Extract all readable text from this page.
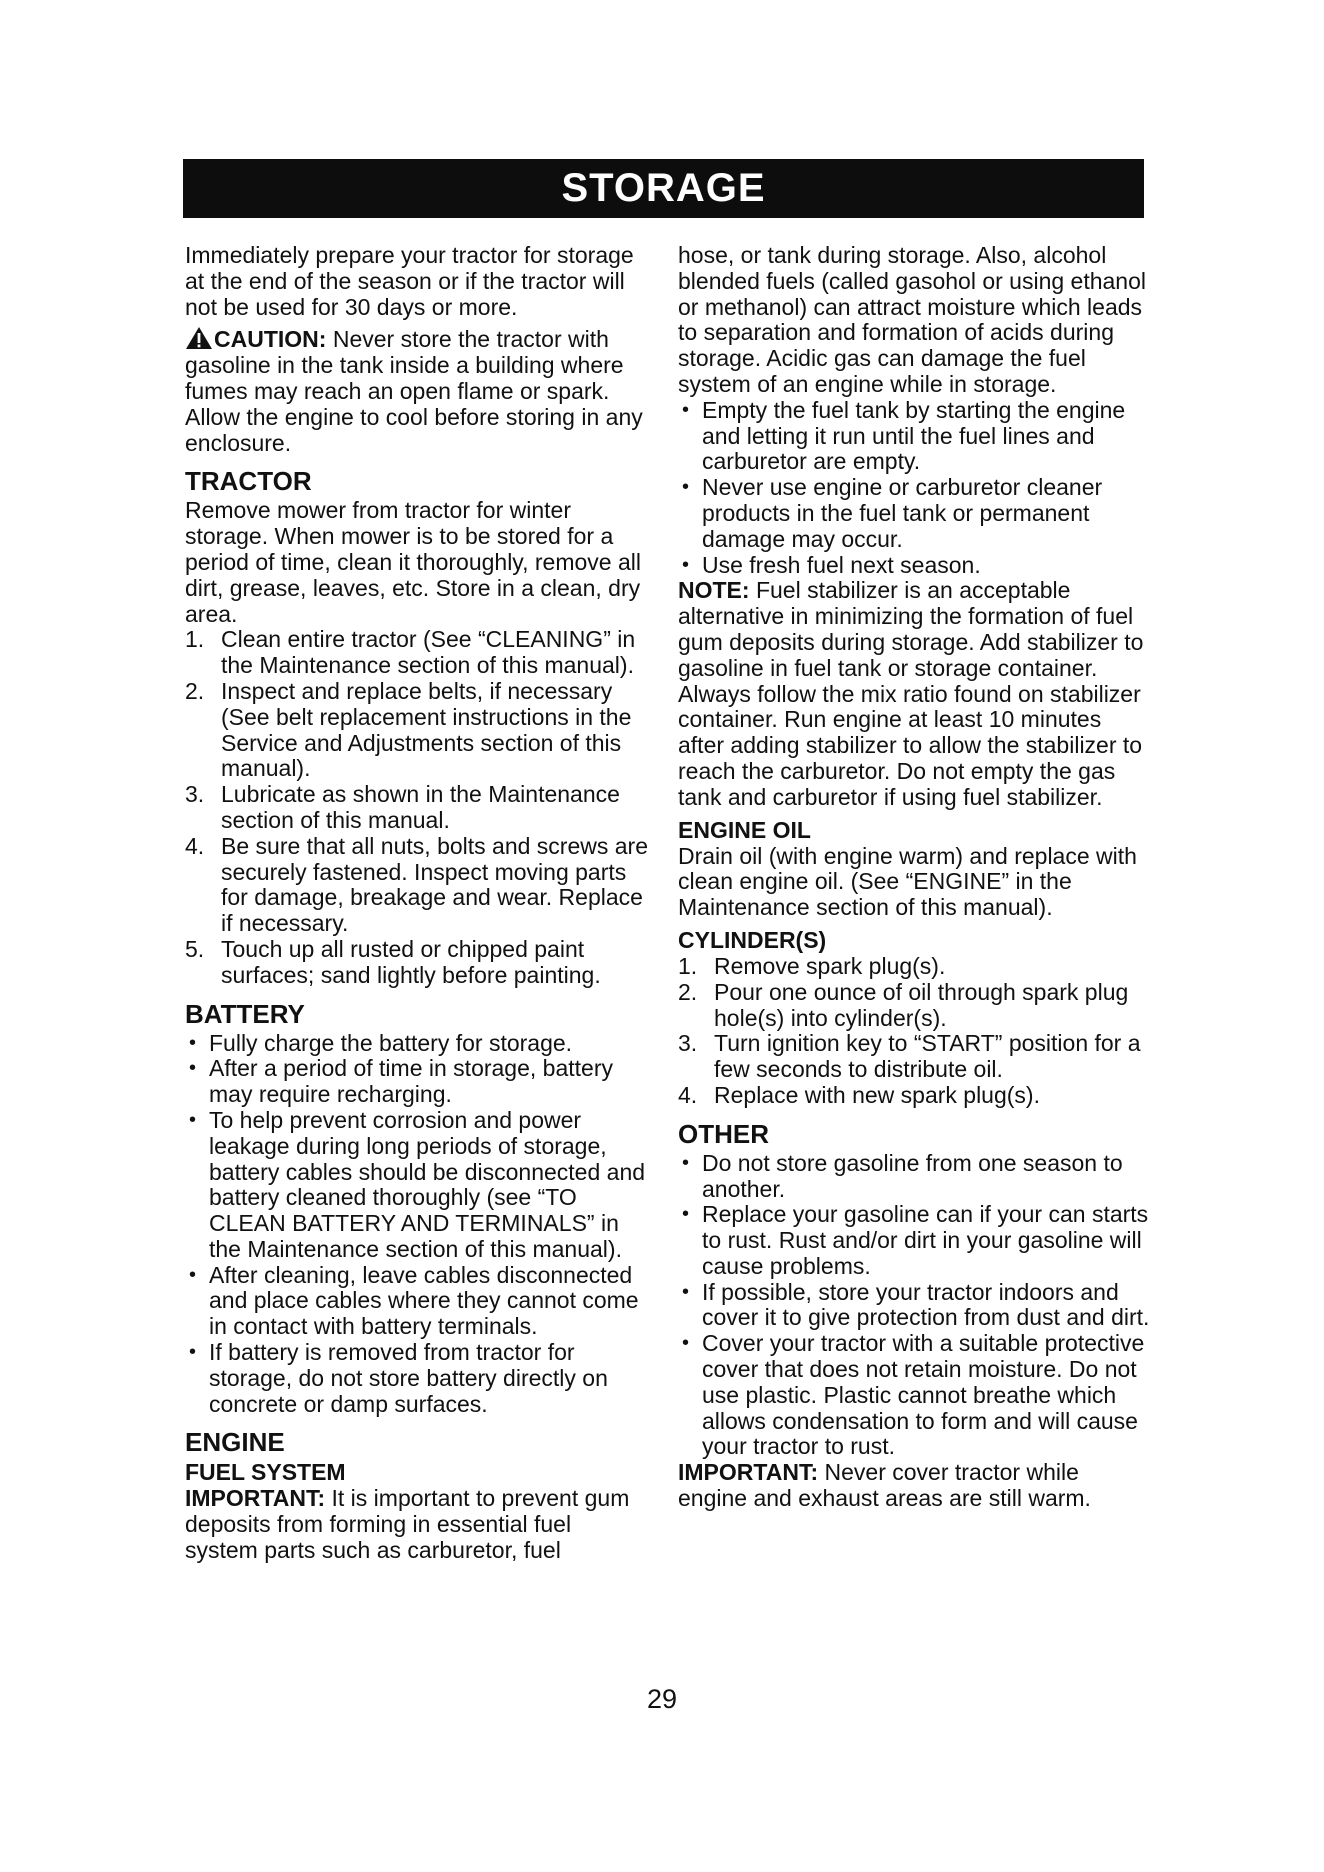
STORAGE

Immediately prepare your tractor for storage at the end of the season or if the tractor will not be used for 30 days or more.

CAUTION: Never store the tractor with gasoline in the tank inside a building where fumes may reach an open flame or spark. Allow the engine to cool before storing in any enclosure.

TRACTOR

Remove mower from tractor for winter storage. When mower is to be stored for a period of time, clean it thoroughly, remove all dirt, grease, leaves, etc. Store in a clean, dry area.

1. Clean entire tractor (See “CLEANING” in the Maintenance section of this manual).
2. Inspect and replace belts, if necessary (See belt replacement instructions in the Service and Adjustments section of this manual).
3. Lubricate as shown in the Maintenance section of this manual.
4. Be sure that all nuts, bolts and screws are securely fastened. Inspect moving parts for damage, breakage and wear. Replace if necessary.
5. Touch up all rusted or chipped paint surfaces; sand lightly before painting.
BATTERY
• Fully charge the battery for storage.
• After a period of time in storage, battery may require recharging.
• To help prevent corrosion and power leakage during long periods of storage, battery cables should be disconnected and battery cleaned thoroughly (see “TO CLEAN BATTERY AND TERMINALS” in the Maintenance section of this manual).
• After cleaning, leave cables disconnected and place cables where they cannot come in contact with battery terminals.
• If battery is removed from tractor for storage, do not store battery directly on concrete or damp surfaces.
ENGINE
FUEL SYSTEM

IMPORTANT: It is important to prevent gum deposits from forming in essential fuel system parts such as carburetor, fuel

hose, or tank during storage. Also, alcohol blended fuels (called gasohol or using ethanol or methanol) can attract moisture which leads to separation and formation of acids during storage. Acidic gas can damage the fuel system of an engine while in storage.

• Empty the fuel tank by starting the engine and letting it run until the fuel lines and carburetor are empty.
• Never use engine or carburetor cleaner products in the fuel tank or permanent damage may occur.
• Use fresh fuel next season.

NOTE: Fuel stabilizer is an acceptable alternative in minimizing the formation of fuel gum deposits during storage. Add stabilizer to gasoline in fuel tank or storage container. Always follow the mix ratio found on stabilizer container. Run engine at least 10 minutes after adding stabilizer to allow the stabilizer to reach the carburetor. Do not empty the gas tank and carburetor if using fuel stabilizer.

ENGINE OIL

Drain oil (with engine warm) and replace with clean engine oil. (See “ENGINE” in the Maintenance section of this manual).

CYLINDER(S)
1. Remove spark plug(s).
2. Pour one ounce of oil through spark plug hole(s) into cylinder(s).
3. Turn ignition key to “START” position for a few seconds to distribute oil.
4. Replace with new spark plug(s).
OTHER
• Do not store gasoline from one season to another.
• Replace your gasoline can if your can starts to rust. Rust and/or dirt in your gasoline will cause problems.
• If possible, store your tractor indoors and cover it to give protection from dust and dirt.
• Cover your tractor with a suitable protective cover that does not retain moisture. Do not use plastic. Plastic cannot breathe which allows condensation to form and will cause your tractor to rust.

IMPORTANT: Never cover tractor while engine and exhaust areas are still warm.

29
